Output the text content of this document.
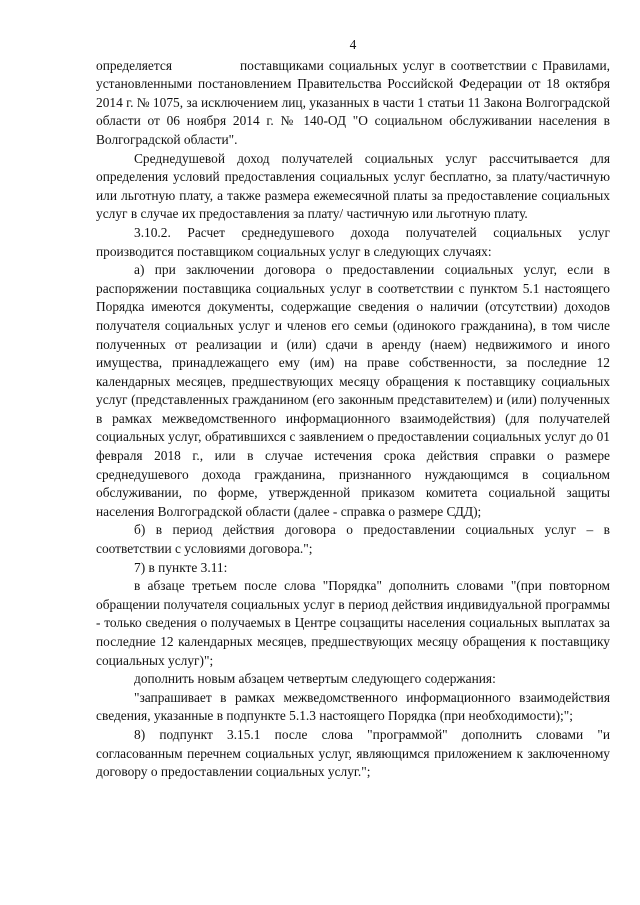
4

определяется	поставщиками социальных услуг в соответствии с Правилами, установленными постановлением Правительства Российской Федерации от 18 октября 2014 г. № 1075, за исключением лиц, указанных в части 1 статьи 11 Закона Волгоградской области от 06 ноября 2014 г. № 140-ОД "О социальном обслуживании населения в Волгоградской области".

Среднедушевой доход получателей социальных услуг рассчитывается для определения условий предоставления социальных услуг бесплатно, за плату/частичную или льготную плату, а также размера ежемесячной платы за предоставление социальных услуг в случае их предоставления за плату/ частичную или льготную плату.

3.10.2. Расчет среднедушевого дохода получателей социальных услуг производится поставщиком социальных услуг в следующих случаях:

а) при заключении договора о предоставлении социальных услуг, если в распоряжении поставщика социальных услуг в соответствии с пунктом 5.1 настоящего Порядка имеются документы, содержащие сведения о наличии (отсутствии) доходов получателя социальных услуг и членов его семьи (одинокого гражданина), в том числе полученных от реализации и (или) сдачи в аренду (наем) недвижимого и иного имущества, принадлежащего ему (им) на праве собственности, за последние 12 календарных месяцев, предшествующих месяцу обращения к поставщику социальных услуг (представленных гражданином (его законным представителем) и (или) полученных в рамках межведомственного информационного взаимодействия) (для получателей социальных услуг, обратившихся с заявлением о предоставлении социальных услуг до 01 февраля 2018 г., или в случае истечения срока действия справки о размере среднедушевого дохода гражданина, признанного нуждающимся в социальном обслуживании, по форме, утвержденной приказом комитета социальной защиты населения Волгоградской области (далее - справка о размере СДД);

б) в период действия договора о предоставлении социальных услуг – в соответствии с условиями договора.";

7) в пункте 3.11:

в абзаце третьем после слова "Порядка" дополнить словами "(при повторном обращении получателя социальных услуг в период действия индивидуальной программы - только сведения о получаемых в Центре соцзащиты населения социальных выплатах за последние 12 календарных месяцев, предшествующих месяцу обращения к поставщику социальных услуг)";

дополнить новым абзацем четвертым следующего содержания:

"запрашивает в рамках межведомственного информационного взаимодействия сведения, указанные в подпункте 5.1.3 настоящего Порядка (при необходимости);";

8) подпункт 3.15.1 после слова "программой" дополнить словами "и согласованным перечнем социальных услуг, являющимся приложением к заключенному договору о предоставлении социальных услуг.";
